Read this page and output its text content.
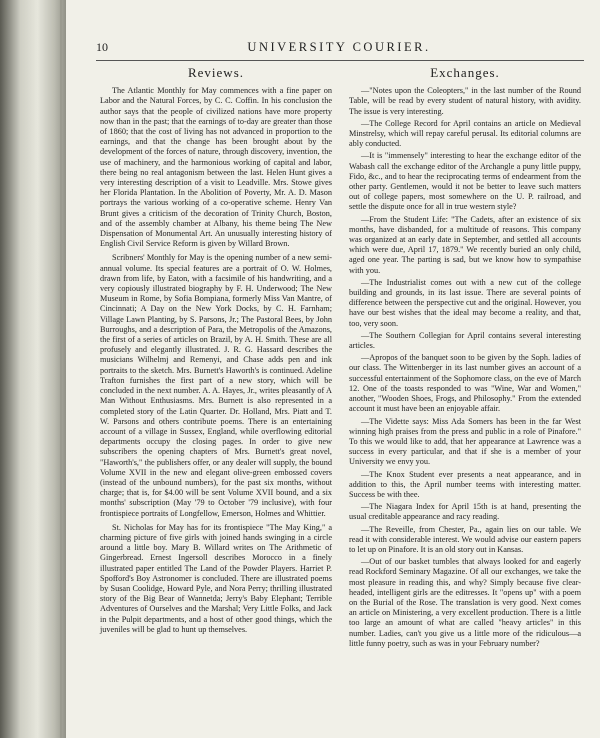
10	UNIVERSITY COURIER.
Reviews.

The Atlantic Monthly for May commences with a fine paper on Labor and the Natural Forces, by C. C. Coffin. In his conclusion the author says that the people of civilized nations have more property now than in the past; that the earnings of to-day are greater than those of 1860; that the cost of living has not advanced in proportion to the earnings, and that the change has been brought about by the development of the forces of nature, through discovery, invention, the use of machinery, and the harmonious working of capital and labor, there being no real antagonism between the last. Helen Hunt gives a very interesting description of a visit to Leadville. Mrs. Stowe gives her Florida Plantation. In the Abolition of Poverty, Mr. A. D. Mason portrays the various working of a co-operative scheme. Henry Van Brunt gives a criticism of the decoration of Trinity Church, Boston, and of the assembly chamber at Albany, his theme being The New Dispensation of Monumental Art. An unusually interesting history of English Civil Service Reform is given by Willard Brown.

Scribners' Monthly for May is the opening number of a new semi-annual volume. Its special features are a portrait of O. W. Holmes, drawn from life, by Eaton, with a facsimile of his handwriting, and a very copiously illustrated biography by F. H. Underwood; The New Museum in Rome, by Sofia Bompiana, formerly Miss Van Mantre, of Cincinnati; A Day on the New York Docks, by C. H. Farnham; Village Lawn Planting, by S. Parsons, Jr.; The Pastoral Bees, by John Burroughs, and a description of Para, the Metropolis of the Amazons, the first of a series of articles on Brazil, by A. H. Smith. These are all profusely and elegantly illustrated. J. R. G. Hassard describes the musicians Wilhelmj and Remenyi, and Chase adds pen and ink portraits to the sketch. Mrs. Burnett's Haworth's is continued. Adeline Trafton furnishes the first part of a new story, which will be concluded in the next number. A. A. Hayes, Jr., writes pleasantly of A Man Without Enthusiasms. Mrs. Burnett is also represented in a completed story of the Latin Quarter. Dr. Holland, Mrs. Piatt and T. W. Parsons and others contribute poems. There is an entertaining account of a village in Sussex, England, while overflowing editorial departments occupy the closing pages. In order to give new subscribers the opening chapters of Mrs. Burnett's great novel, "Haworth's," the publishers offer, or any dealer will supply, the bound Volume XVII in the new and elegant olive-green embossed covers (instead of the unbound numbers), for the past six months, without charge; that is, for $4.00 will be sent Volume XVII bound, and a six months' subscription (May '79 to October '79 inclusive), with four frontispiece portraits of Longfellow, Emerson, Holmes and Whittier.

St. Nicholas for May has for its frontispiece "The May King," a charming picture of five girls with joined hands swinging in a circle around a little boy. Mary B. Willard writes on The Arithmetic of Gingerbread. Ernest Ingersoll describes Morocco in a finely illustrated paper entitled The Land of the Powder Players. Harriet P. Spofford's Boy Astronomer is concluded. There are illustrated poems by Susan Coolidge, Howard Pyle, and Nora Perry; thrilling illustrated story of the Big Bear of Wannetda; Jerry's Baby Elephant; Terrible Adventures of Ourselves and the Marshal; Very Little Folks, and Jack in the Pulpit departments, and a host of other good things, which the juveniles will be glad to hunt up themselves.

Exchanges.

—"Notes upon the Coleopters," in the last number of the Round Table, will be read by every student of natural history, with avidity. The issue is very interesting.

—The College Record for April contains an article on Medieval Minstrelsy, which will repay careful perusal. Its editorial columns are ably conducted.

—It is "immensely" interesting to hear the exchange editor of the Wabash call the exchange editor of the Archangle a puny little puppy, Fido, &c., and to hear the reciprocating terms of endearment from the other party. Gentlemen, would it not be better to leave such matters out of college papers, most somewhere on the U. P. railroad, and settle the dispute once for all in true western style?

—From the Student Life: "The Cadets, after an existence of six months, have disbanded, for a multitude of reasons. This company was organized at an early date in September, and settled all accounts which were due, April 17, 1879." We recently buried an only child, aged one year. The parting is sad, but we know how to sympathise with you.

—The Industrialist comes out with a new cut of the college building and grounds, in its last issue. There are several points of difference between the perspective cut and the original. However, you have our best wishes that the ideal may become a reality, and that, too, very soon.

—The Southern Collegian for April contains several interesting articles.

—Apropos of the banquet soon to be given by the Soph. ladies of our class. The Wittenberger in its last number gives an account of a successful entertainment of the Sophomore class, on the eve of March 12. One of the toasts responded to was "Wine, War and Women," another, "Wooden Shoes, Frogs, and Philosophy." From the extended account it must have been an enjoyable affair.

—The Vidette says: Miss Ada Somers has been in the far West winning high praises from the press and public in a role of Pinafore." To this we would like to add, that her appearance at Lawrence was a success in every particular, and that if she is a member of your University we envy you.

—The Knox Student ever presents a neat appearance, and in addition to this, the April number teems with interesting matter. Success be with thee.

—The Niagara Index for April 15th is at hand, presenting the usual creditable appearance and racy reading.

—The Reveille, from Chester, Pa., again lies on our table. We read it with considerable interest. We would advise our eastern papers to let up on Pinafore. It is an old story out in Kansas.

—Out of our basket tumbles that always looked for and eagerly read Rockford Seminary Magazine. Of all our exchanges, we take the most pleasure in reading this, and why? Simply because five clear-headed, intelligent girls are the editresses. It "opens up" with a poem on the Burial of the Rose. The translation is very good. Next comes an article on Ministering, a very excellent production. There is a little too large an amount of what are called "heavy articles" in this number. Ladies, can't you give us a little more of the ridiculous—a little funny poetry, such as was in your February number?
